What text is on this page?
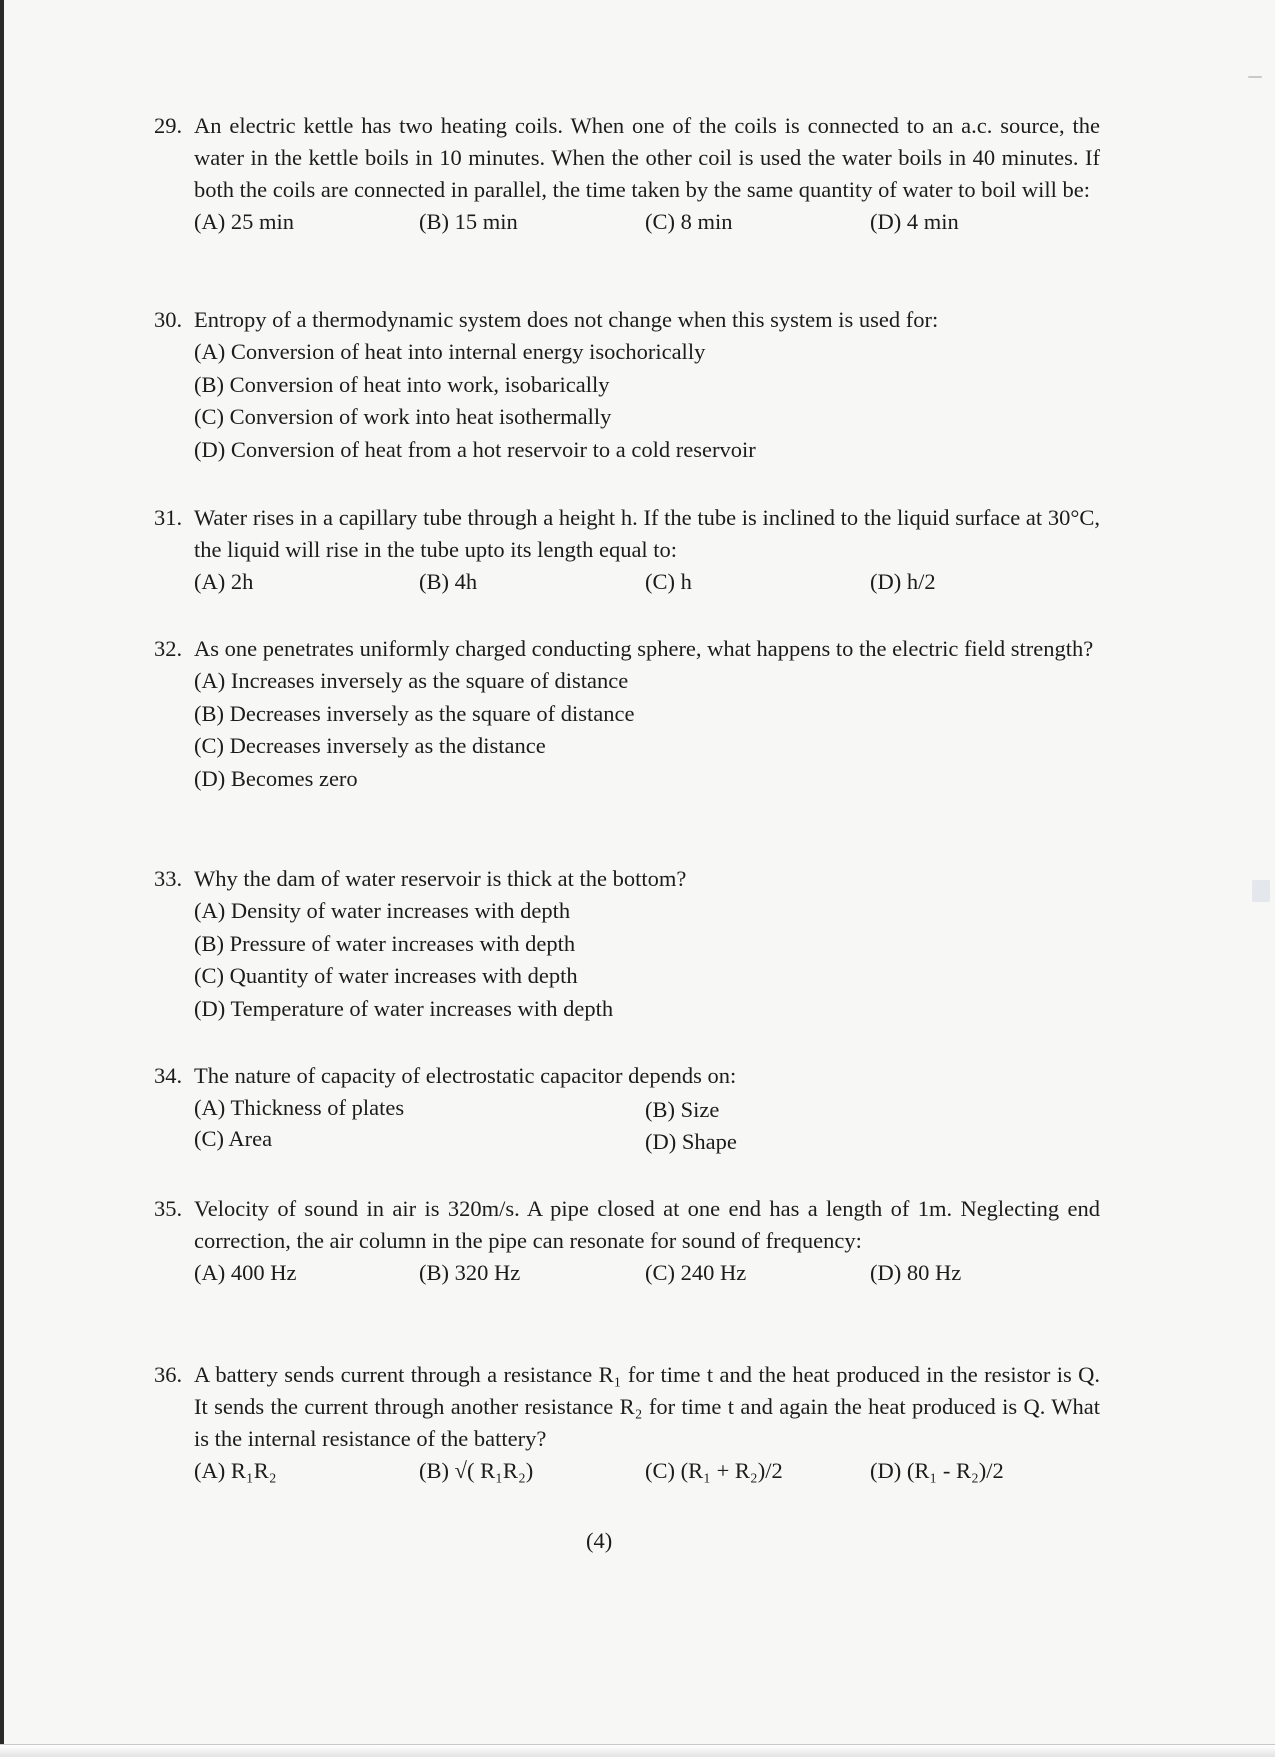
29. An electric kettle has two heating coils. When one of the coils is connected to an a.c. source, the water in the kettle boils in 10 minutes. When the other coil is used the water boils in 40 minutes. If both the coils are connected in parallel, the time taken by the same quantity of water to boil will be:
(A) 25 min	(B) 15 min	(C) 8 min	(D) 4 min
30. Entropy of a thermodynamic system does not change when this system is used for:
(A) Conversion of heat into internal energy isochorically
(B) Conversion of heat into work, isobarically
(C) Conversion of work into heat isothermally
(D) Conversion of heat from a hot reservoir to a cold reservoir
31. Water rises in a capillary tube through a height h. If the tube is inclined to the liquid surface at 30°C, the liquid will rise in the tube upto its length equal to:
(A) 2h	(B) 4h	(C) h	(D) h/2
32. As one penetrates uniformly charged conducting sphere, what happens to the electric field strength?
(A) Increases inversely as the square of distance
(B) Decreases inversely as the square of distance
(C) Decreases inversely as the distance
(D) Becomes zero
33. Why the dam of water reservoir is thick at the bottom?
(A) Density of water increases with depth
(B) Pressure of water increases with depth
(C) Quantity of water increases with depth
(D) Temperature of water increases with depth
34. The nature of capacity of electrostatic capacitor depends on:
(A) Thickness of plates	(B) Size
(C) Area	(D) Shape
35. Velocity of sound in air is 320m/s. A pipe closed at one end has a length of 1m. Neglecting end correction, the air column in the pipe can resonate for sound of frequency:
(A) 400 Hz	(B) 320 Hz	(C) 240 Hz	(D) 80 Hz
36. A battery sends current through a resistance R₁ for time t and the heat produced in the resistor is Q. It sends the current through another resistance R₂ for time t and again the heat produced is Q. What is the internal resistance of the battery?
(A) R₁R₂	(B) √( R₁R₂)	(C) (R₁ + R₂)/2	(D) (R₁ - R₂)/2
(4)
